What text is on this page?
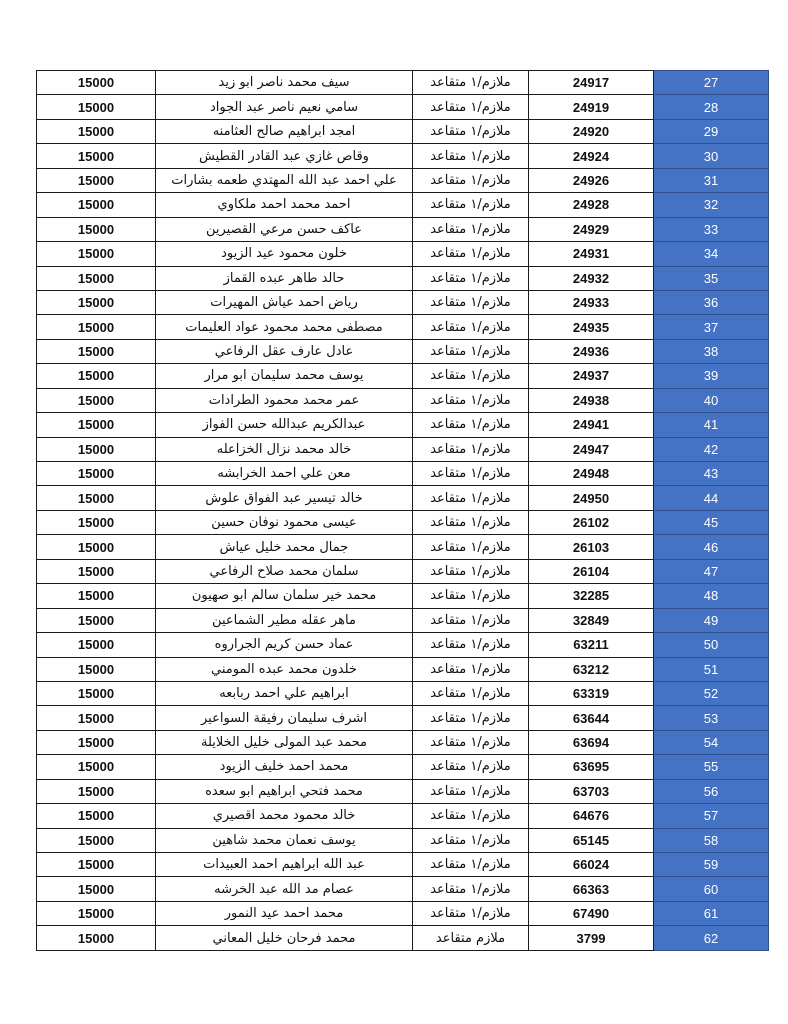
15000	سيف محمد ناصر ابو زيد	ملازم/١ متقاعد	24917	27
15000	سامي نعيم ناصر عبد الجواد	ملازم/١ متقاعد	24919	28
15000	امجد ابراهيم صالح العثامنه	ملازم/١ متقاعد	24920	29
15000	وقاص غازي عبد القادر القطيش	ملازم/١ متقاعد	24924	30
15000	علي احمد عبد الله المهتدي طعمه بشارات	ملازم/١ متقاعد	24926	31
15000	احمد محمد احمد ملكاوي	ملازم/١ متقاعد	24928	32
15000	عاكف حسن مرعي القصيرين	ملازم/١ متقاعد	24929	33
15000	خلون محمود عيد الزيود	ملازم/١ متقاعد	24931	34
15000	حالد طاهر عبده القماز	ملازم/١ متقاعد	24932	35
15000	رياض احمد عياش المهيرات	ملازم/١ متقاعد	24933	36
15000	مصطفى محمد محمود عواد العليمات	ملازم/١ متقاعد	24935	37
15000	عادل عارف عقل الرفاعي	ملازم/١ متقاعد	24936	38
15000	يوسف محمد سليمان ابو مرار	ملازم/١ متقاعد	24937	39
15000	عمر محمد محمود الطرادات	ملازم/١ متقاعد	24938	40
15000	عبدالكريم عبدالله حسن الفواز	ملازم/١ متقاعد	24941	41
15000	خالد محمد نزال الخزاعله	ملازم/١ متقاعد	24947	42
15000	معن علي احمد الخرابشه	ملازم/١ متقاعد	24948	43
15000	خالد تيسير عبد الفواق علوش	ملازم/١ متقاعد	24950	44
15000	عيسى محمود نوفان حسين	ملازم/١ متقاعد	26102	45
15000	جمال محمد خليل عياش	ملازم/١ متقاعد	26103	46
15000	سلمان محمد صلاح الرفاعي	ملازم/١ متقاعد	26104	47
15000	محمد خير سلمان سالم ابو صهيون	ملازم/١ متقاعد	32285	48
15000	ماهر عقله مطير الشماعين	ملازم/١ متقاعد	32849	49
15000	عماد حسن كريم الجراروه	ملازم/١ متقاعد	63211	50
15000	خلدون محمد عبده المومني	ملازم/١ متقاعد	63212	51
15000	ابراهيم علي احمد ربابعه	ملازم/١ متقاعد	63319	52
15000	اشرف سليمان رفيقة السواعير	ملازم/١ متقاعد	63644	53
15000	محمد عبد المولى خليل الخلايلة	ملازم/١ متقاعد	63694	54
15000	محمد احمد خليف الزيود	ملازم/١ متقاعد	63695	55
15000	محمد فتحي ابراهيم ابو سعده	ملازم/١ متقاعد	63703	56
15000	خالد محمود محمد اقصيري	ملازم/١ متقاعد	64676	57
15000	يوسف نعمان محمد شاهين	ملازم/١ متقاعد	65145	58
15000	عبد الله ابراهيم احمد العبيدات	ملازم/١ متقاعد	66024	59
15000	عصام مد الله عبد الخرشه	ملازم/١ متقاعد	66363	60
15000	محمد احمد عيد النمور	ملازم/١ متقاعد	67490	61
15000	محمد فرحان خليل المعاني	ملازم متقاعد	3799	62
